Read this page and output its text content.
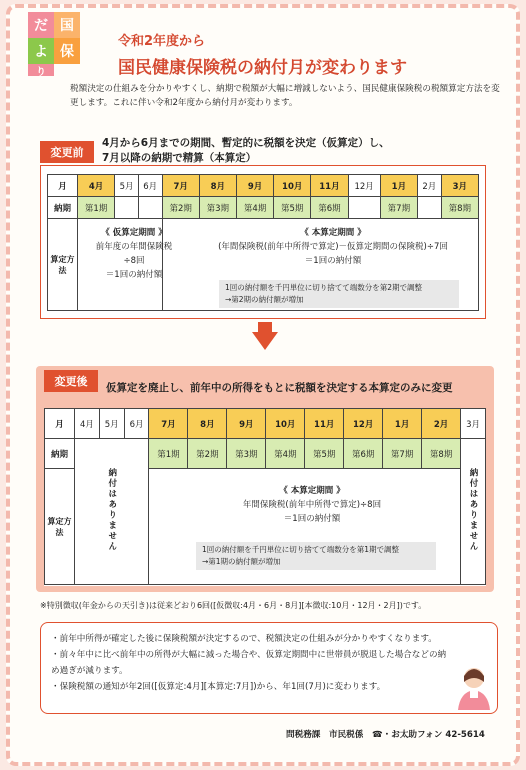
だ 国
よ 保
り
令和2年度から
国民健康保険税の納付月が変わります
税額決定の仕組みを分かりやすくし、納期で税額が大幅に増減しないよう、国民健康保険税の税額算定方法を変更します。これに伴い令和2年度から納付月が変わります。
変更前
4月から6月までの期間、暫定的に税額を決定（仮算定）し、
7月以降の納期で精算（本算定）
月	4月	5月	6月	7月	8月	9月	10月	11月	12月	1月	2月	3月
納期	第1期			第2期	第3期	第4期	第5期	第6期		第7期		第8期
算定方法												
《 仮算定期間 》
前年度の年間保険税
÷8回
＝1回の納付額
《 本算定期間 》
(年間保険税(前年中所得で算定)－仮算定期間の保険税)÷7回
＝1回の納付額
1回の納付額を千円単位に切り捨てて端数分を第2期で調整
→第2期の納付額が増加
変更後	仮算定を廃止し、前年中の所得をもとに税額を決定する本算定のみに変更
月	4月	5月	6月	7月	8月	9月	10月	11月	12月	1月	2月	3月
納期	納付はありません			第1期	第2期	第3期	第4期	第5期	第6期	第7期	第8期	納付はありません
算定方法												
《 本算定期間 》
年間保険税(前年中所得で算定)÷8回
＝1回の納付額
1回の納付額を千円単位に切り捨てて端数分を第1期で調整
→第1期の納付額が増加
※特別徴収(年金からの天引き)は従来どおり6回([仮徴収:4月・6月・8月][本徴収:10月・12月・2月])です。
・前年中所得が確定した後に保険税額が決定するので、税額決定の仕組みが分かりやすくなります。
・前々年中に比べ前年中の所得が大幅に減った場合や、仮算定期間中に世帯員が脱退した場合などの納め過ぎが減ります。
・保険税額の通知が年2回([仮算定:4月][本算定:7月])から、年1回(7月)に変わります。
問税務課　市民税係　☎・お太助フォン 42-5614
